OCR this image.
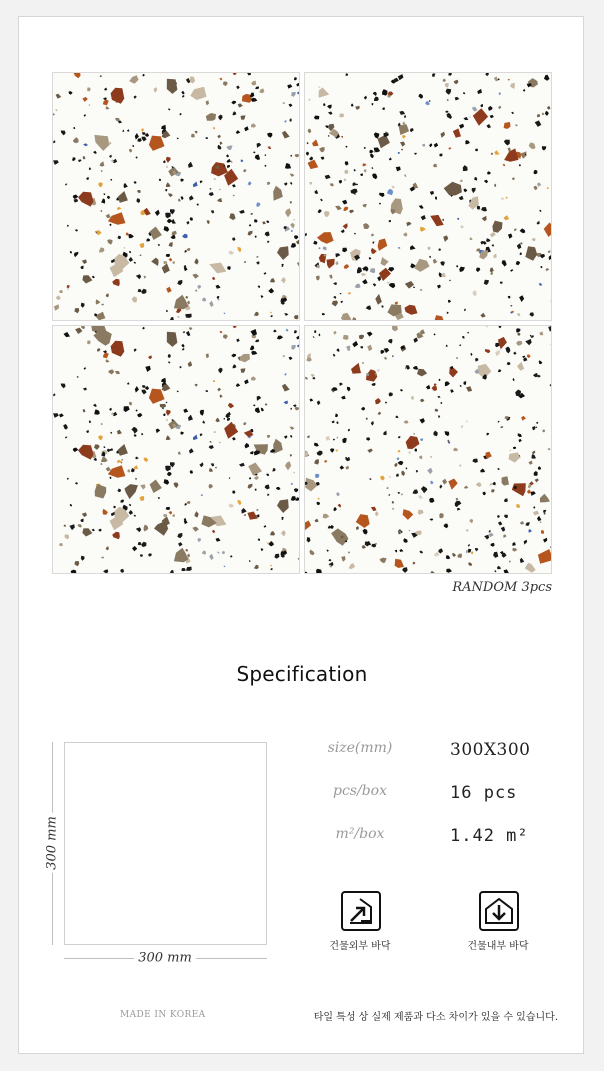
RANDOM 3pcs
Specification
300 mm
300 mm
size(mm)	300X300
pcs/box	16 pcs
m²/box	1.42 m²
건물외부 바닥	건물내부 바닥
MADE IN KOREA	타일 특성 상 실제 제품과 다소 차이가 있을 수 있습니다.
